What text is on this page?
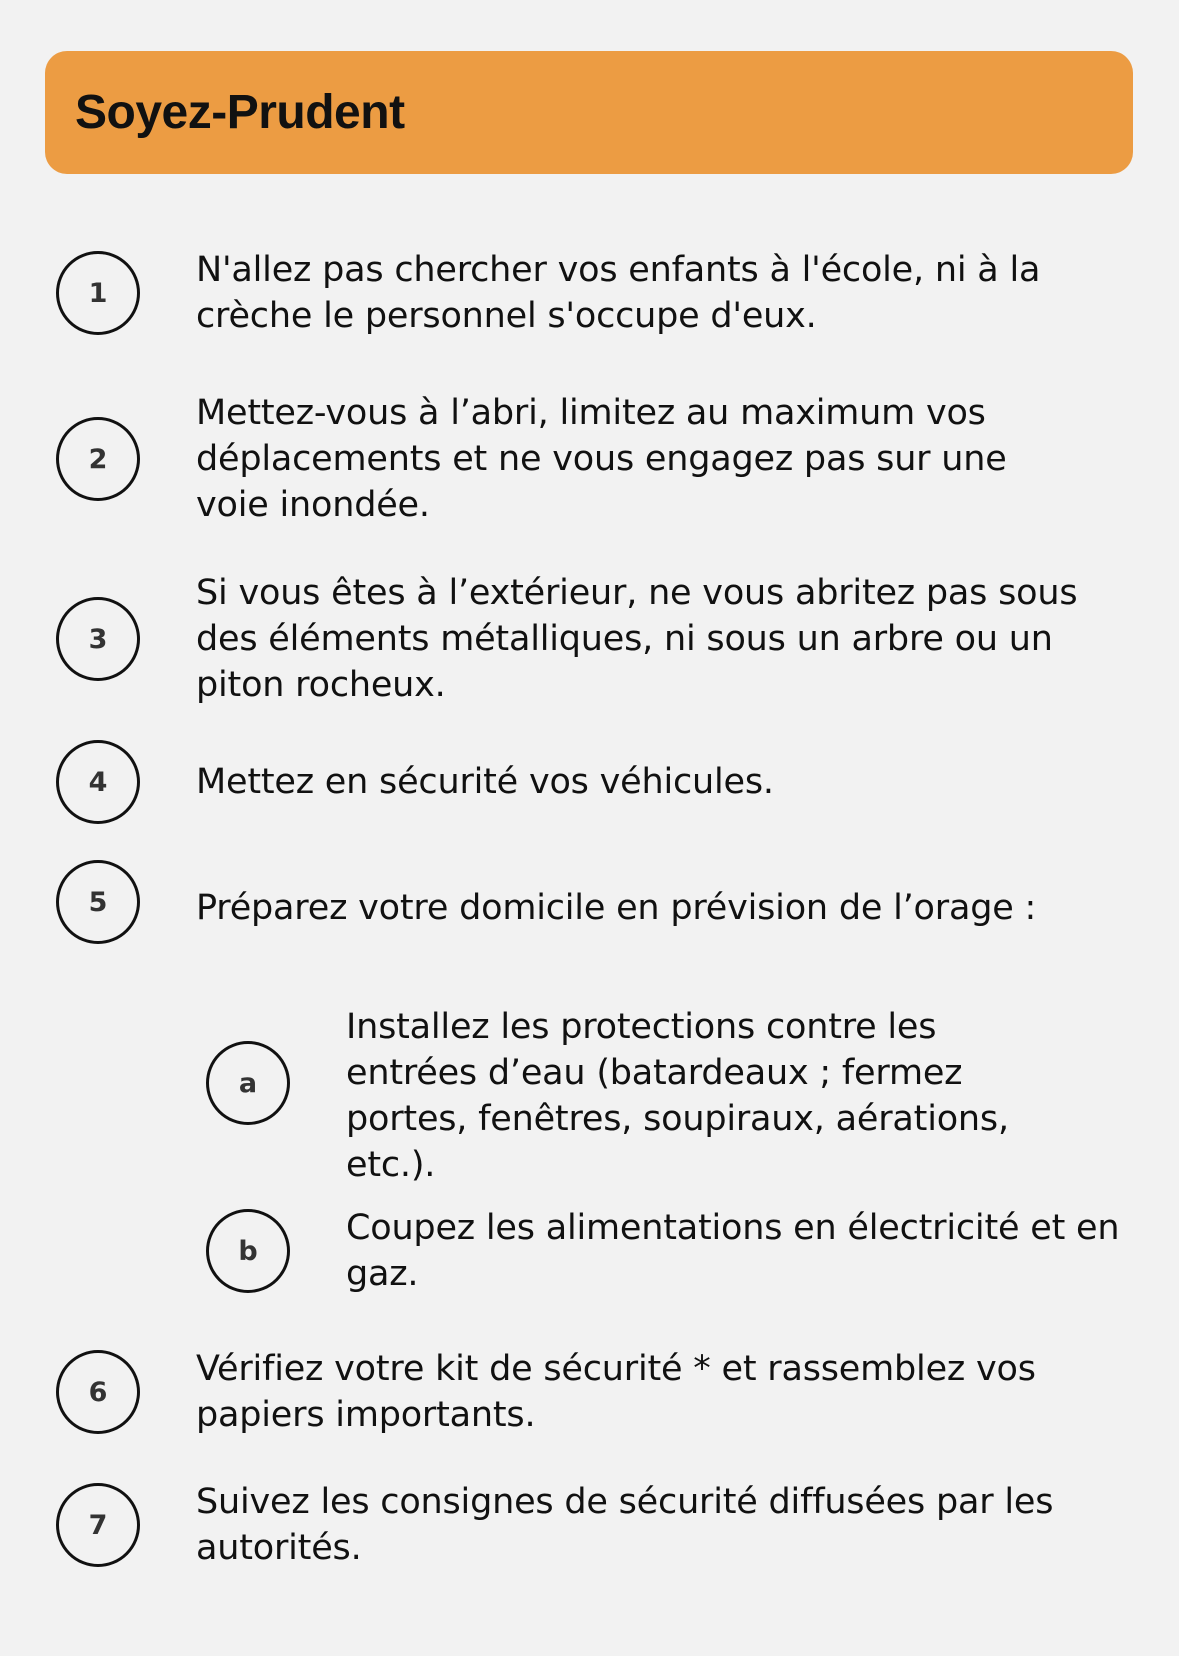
Soyez-Prudent
1
N'allez pas chercher vos enfants à l'école, ni à la crèche le personnel s'occupe d'eux.
2
Mettez-vous à l’abri, limitez au maximum vos déplacements et ne vous engagez pas sur une voie inondée.
3
Si vous êtes à l’extérieur, ne vous abritez pas sous des éléments métalliques, ni sous un arbre ou un piton rocheux.
4	Mettez en sécurité vos véhicules.
5	Préparez votre domicile en prévision de l’orage :
a
Installez les protections contre les entrées d’eau (batardeaux ; fermez portes, fenêtres, soupiraux, aérations, etc.).
b
Coupez les alimentations en électricité et en gaz.
6
Vérifiez votre kit de sécurité * et rassemblez vos papiers importants.
7
Suivez les consignes de sécurité diffusées par les autorités.
